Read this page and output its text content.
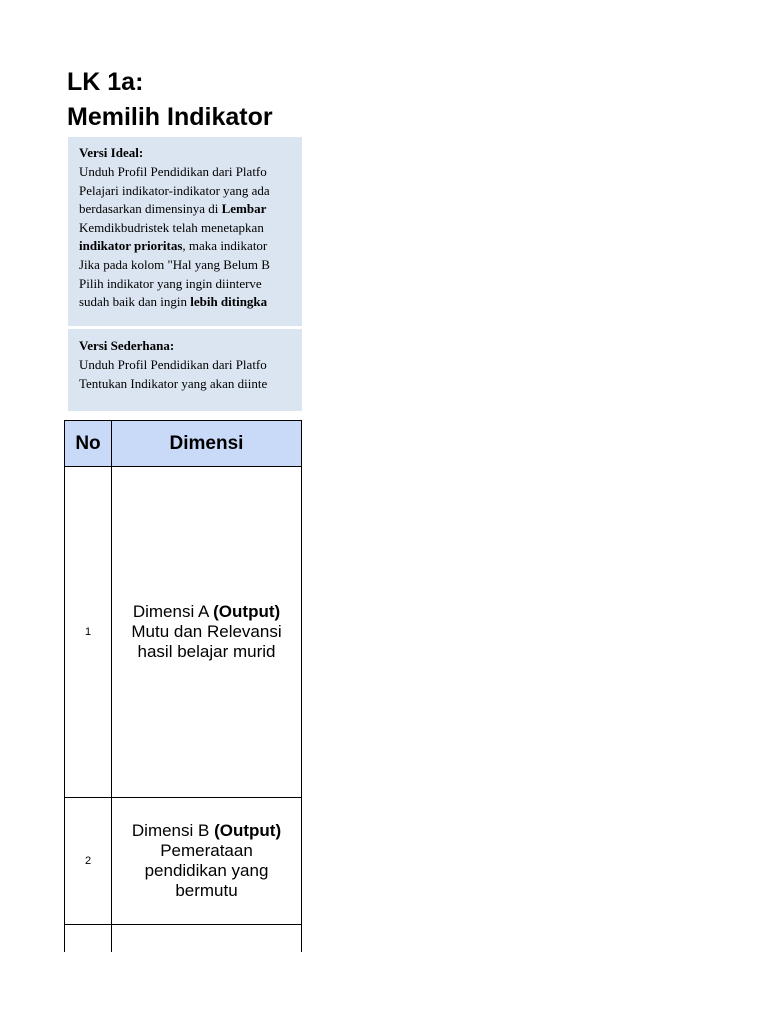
LK 1a:
Memilih Indikator
Versi Ideal:
Unduh Profil Pendidikan dari Platfo
Pelajari indikator-indikator yang ada
berdasarkan dimensinya di Lembar
Kemdikbudristek telah menetapkan
indikator prioritas, maka indikator
Jika pada kolom "Hal yang Belum B
Pilih indikator yang ingin diinterve
sudah baik dan ingin lebih ditingka
Versi Sederhana:
Unduh Profil Pendidikan dari Platfo
Tentukan Indikator yang akan diinte
No	Dimensi	
1	Dimensi A (Output)
Mutu dan Relevansi
hasil belajar murid	

2	Dimensi B (Output)
Pemerataan
pendidikan yang
bermutu	
